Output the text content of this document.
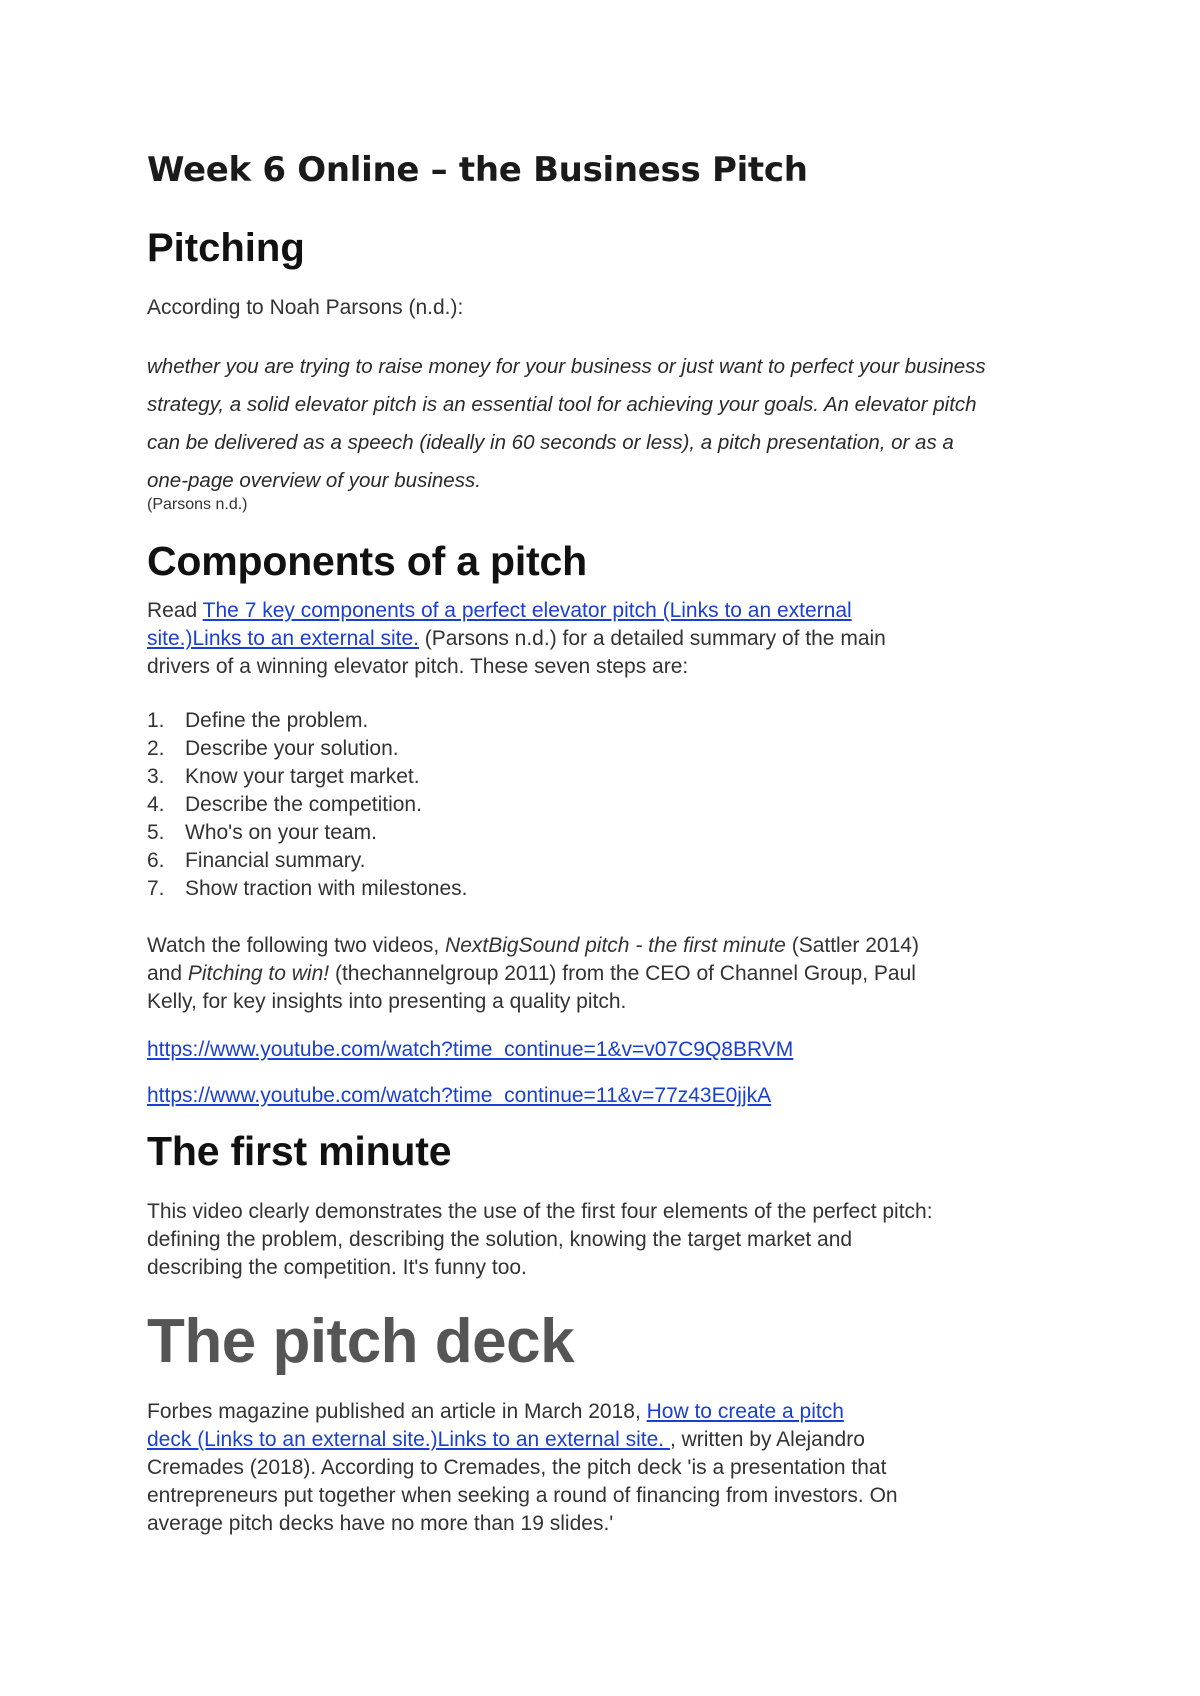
Week 6 Online – the Business Pitch
Pitching

According to Noah Parsons (n.d.):

whether you are trying to raise money for your business or just want to perfect your business
strategy, a solid elevator pitch is an essential tool for achieving your goals. An elevator pitch
can be delivered as a speech (ideally in 60 seconds or less), a pitch presentation, or as a
one-page overview of your business.

(Parsons n.d.)

Components of a pitch
Read The 7 key components of a perfect elevator pitch (Links to an external
site.)Links to an external site. (Parsons n.d.) for a detailed summary of the main
drivers of a winning elevator pitch. These seven steps are:
1. Define the problem.
2. Describe your solution.
3. Know your target market.
4. Describe the competition.
5. Who's on your team.
6. Financial summary.
7. Show traction with milestones.
Watch the following two videos, NextBigSound pitch - the first minute (Sattler 2014)
and Pitching to win! (thechannelgroup 2011) from the CEO of Channel Group, Paul
Kelly, for key insights into presenting a quality pitch.
https://www.youtube.com/watch?time_continue=1&v=v07C9Q8BRVM
https://www.youtube.com/watch?time_continue=11&v=77z43E0jjkA
The first minute
This video clearly demonstrates the use of the first four elements of the perfect pitch:
defining the problem, describing the solution, knowing the target market and
describing the competition. It's funny too.
The pitch deck
Forbes magazine published an article in March 2018, How to create a pitch
deck (Links to an external site.)Links to an external site. , written by Alejandro
Cremades (2018). According to Cremades, the pitch deck 'is a presentation that
entrepreneurs put together when seeking a round of financing from investors. On
average pitch decks have no more than 19 slides.'
